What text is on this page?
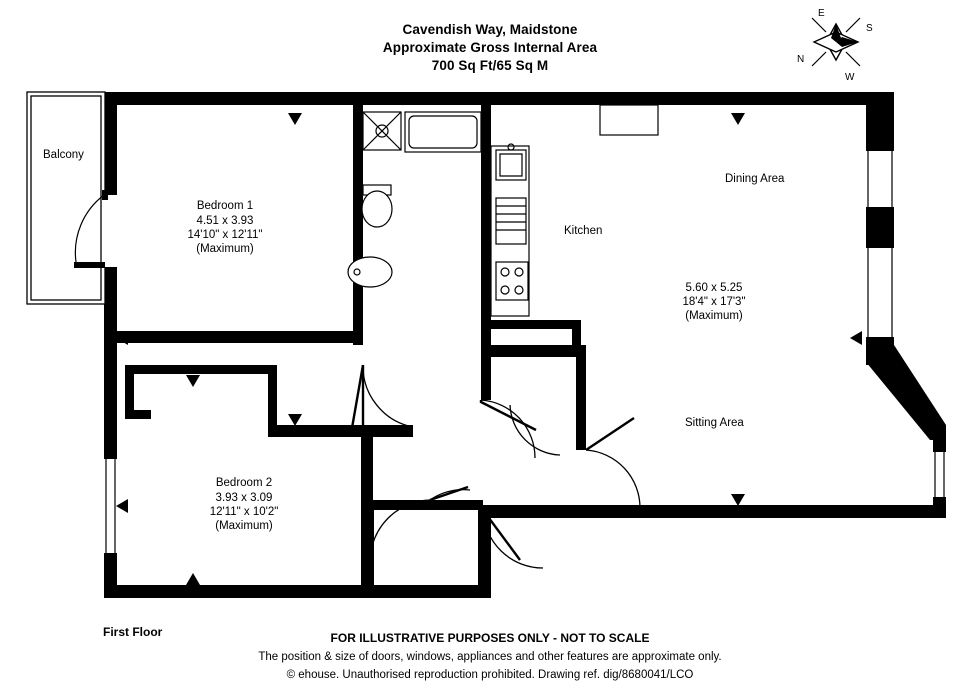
Cavendish Way, Maidstone
Approximate Gross Internal Area
700 Sq Ft/65 Sq M
Balcony
Bedroom 1
4.51 x 3.93
14'10" x 12'11"
(Maximum)
Bedroom 2
3.93 x 3.09
12'11" x 10'2"
(Maximum)
Kitchen
Dining Area
Sitting Area
5.60 x 5.25
18'4" x 17'3"
(Maximum)
E
S
N
W
First Floor	FOR ILLUSTRATIVE PURPOSES ONLY - NOT TO SCALE
The position & size of doors, windows, appliances and other features are approximate only.
© ehouse. Unauthorised reproduction prohibited. Drawing ref. dig/8680041/LCO
